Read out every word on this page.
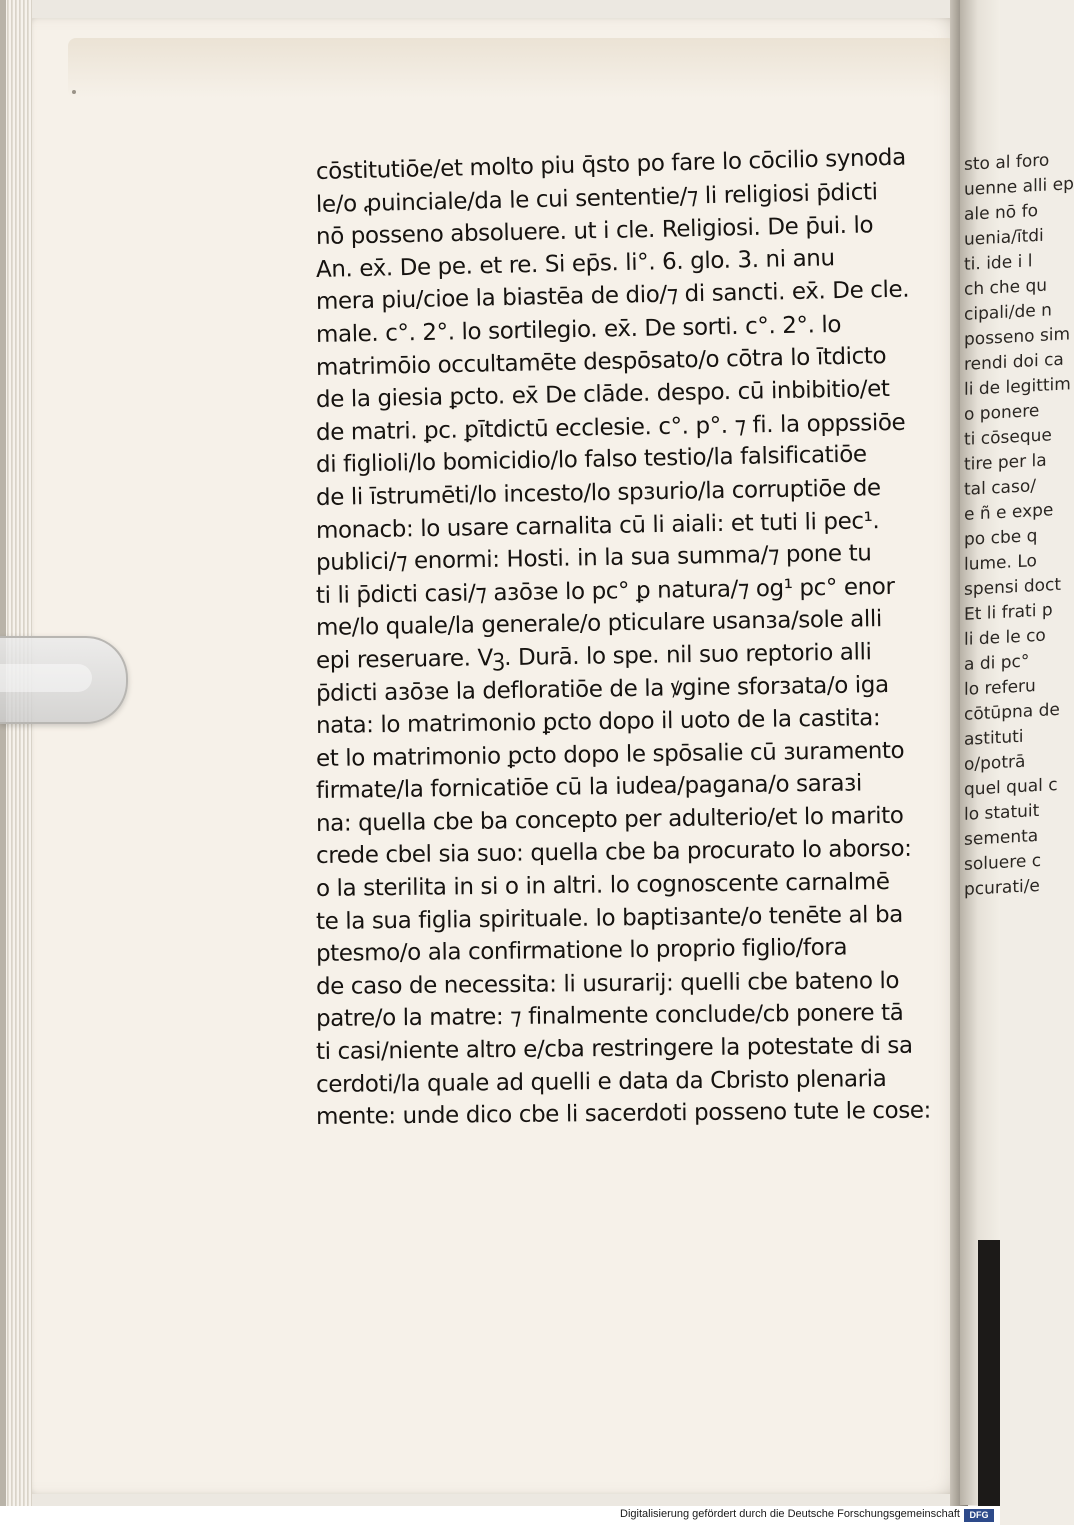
sto al foro
uenne alli ep
ale nō fo
uenia/ītdi
ti. ide i l
ch che qu
cipali/de n
posseno sim
rendi doi ca
li de legittim
o ponere
ti cōseque
tire per la
tal caso/
e ñ e expe
po cbe q
lume. Lo
spensi doct
Et li frati p
li de le co
a di pc°
lo referu
cōtūpna de
astituti
o/potrā
quel qual c
lo statuit
sementa
soluere c
pcurati/e
cōstitutiōe/et molto piu q̄sto po fare lo cōcilio synoda
le/o ꝓuinciale/da le cui sententie/⁊ li religiosi p̄dicti
nō posseno absoluere. ut i cle. Religiosi. De p̄ui. lo
An. ex̄. De pe. et re. Si ep̄s. li°. 6. glo. 3. ni anu
mera piu/cioe la biastēa de dio/⁊ di sancti. ex̄. De cle.
male. c°. 2°. lo sortilegio. ex̄. De sorti. c°. 2°. lo
matrimōio occultamēte despōsato/o cōtra lo ītdicto
de la giesia ꝑcto. ex̄ De clāde. despo. cū inbibitio/et
de matri. ꝑc. ꝑītdictū ecclesie. c°. p°. ⁊ fi. la oppssiōe
di figlioli/lo bomicidio/lo falso testio/la falsificatiōe
de li īstrumēti/lo incesto/lo spɜurio/la corruptiōe de
monacb: lo usare carnalita cū li aiali: et tuti li pec¹.
publici/⁊ enormi: Hosti. in la sua summa/⁊ pone tu
ti li p̄dicti casi/⁊ aɜōɜe lo pc° ꝑ natura/⁊ og¹ pc° enor
me/lo quale/la generale/o pticulare usanɜa/sole alli
epi reseruare. Vꝫ. Durā. lo spe. nil suo reptorio alli
p̄dicti aɜōɜe la defloratiōe de la ꝟgine sforɜata/o iga
nata: lo matrimonio ꝑcto dopo il uoto de la castita:
et lo matrimonio ꝑcto dopo le spōsalie cū ɜuramento
firmate/la fornicatiōe cū la iudea/pagana/o saraɜi
na: quella cbe ba concepto per adulterio/et lo marito
crede cbel sia suo: quella cbe ba procurato lo aborso:
o la sterilita in si o in altri. lo cognoscente carnalmē
te la sua figlia spirituale. lo baptiɜante/o tenēte al ba
ptesmo/o ala confirmatione lo proprio figlio/fora
de caso de necessita: li usurarij: quelli cbe bateno lo
patre/o la matre: ⁊ finalmente conclude/cb ponere tā
ti casi/niente altro e/cba restringere la potestate di sa
cerdoti/la quale ad quelli e data da Cbristo plenaria
mente: unde dico cbe li sacerdoti posseno tute le cose:
Digitalisierung gefördert durch die Deutsche Forschungsgemeinschaft	DFG
